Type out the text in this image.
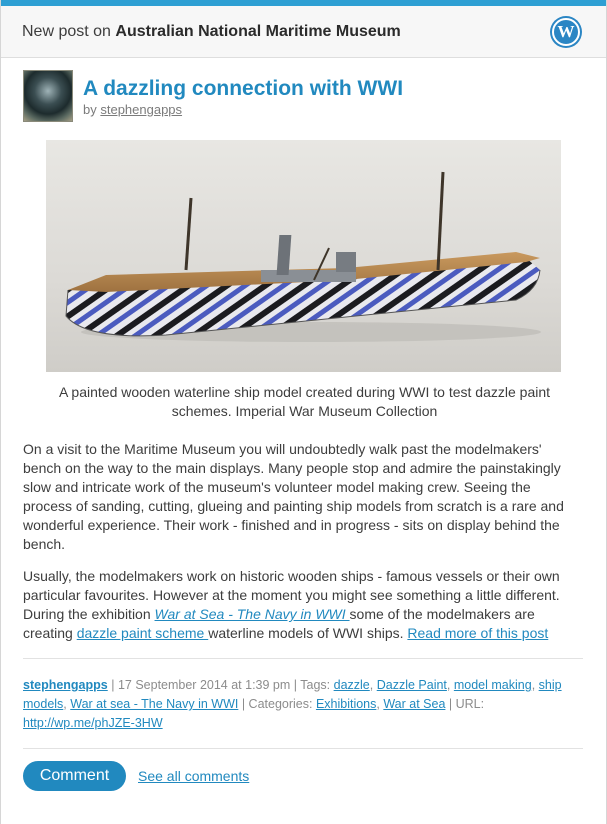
New post on Australian National Maritime Museum	W
A dazzling connection with WWI
by stephengapps
A painted wooden waterline ship model created during WWI to test dazzle paint schemes. Imperial War Museum Collection

On a visit to the Maritime Museum you will undoubtedly walk past the modelmakers' bench on the way to the main displays. Many people stop and admire the painstakingly slow and intricate work of the museum's volunteer model making crew. Seeing the process of sanding, cutting, glueing and painting ship models from scratch is a rare and wonderful experience. Their work - finished and in progress - sits on display behind the bench.

Usually, the modelmakers work on historic wooden ships - famous vessels or their own particular favourites. However at the moment you might see something a little different. During the exhibition War at Sea - The Navy in WWI some of the modelmakers are creating dazzle paint scheme waterline models of WWI ships. Read more of this post

stephengapps | 17 September 2014 at 1:39 pm | Tags: dazzle, Dazzle Paint, model making, ship models, War at sea - The Navy in WWI | Categories: Exhibitions, War at Sea | URL: http://wp.me/phJZE-3HW
Comment	See all comments
